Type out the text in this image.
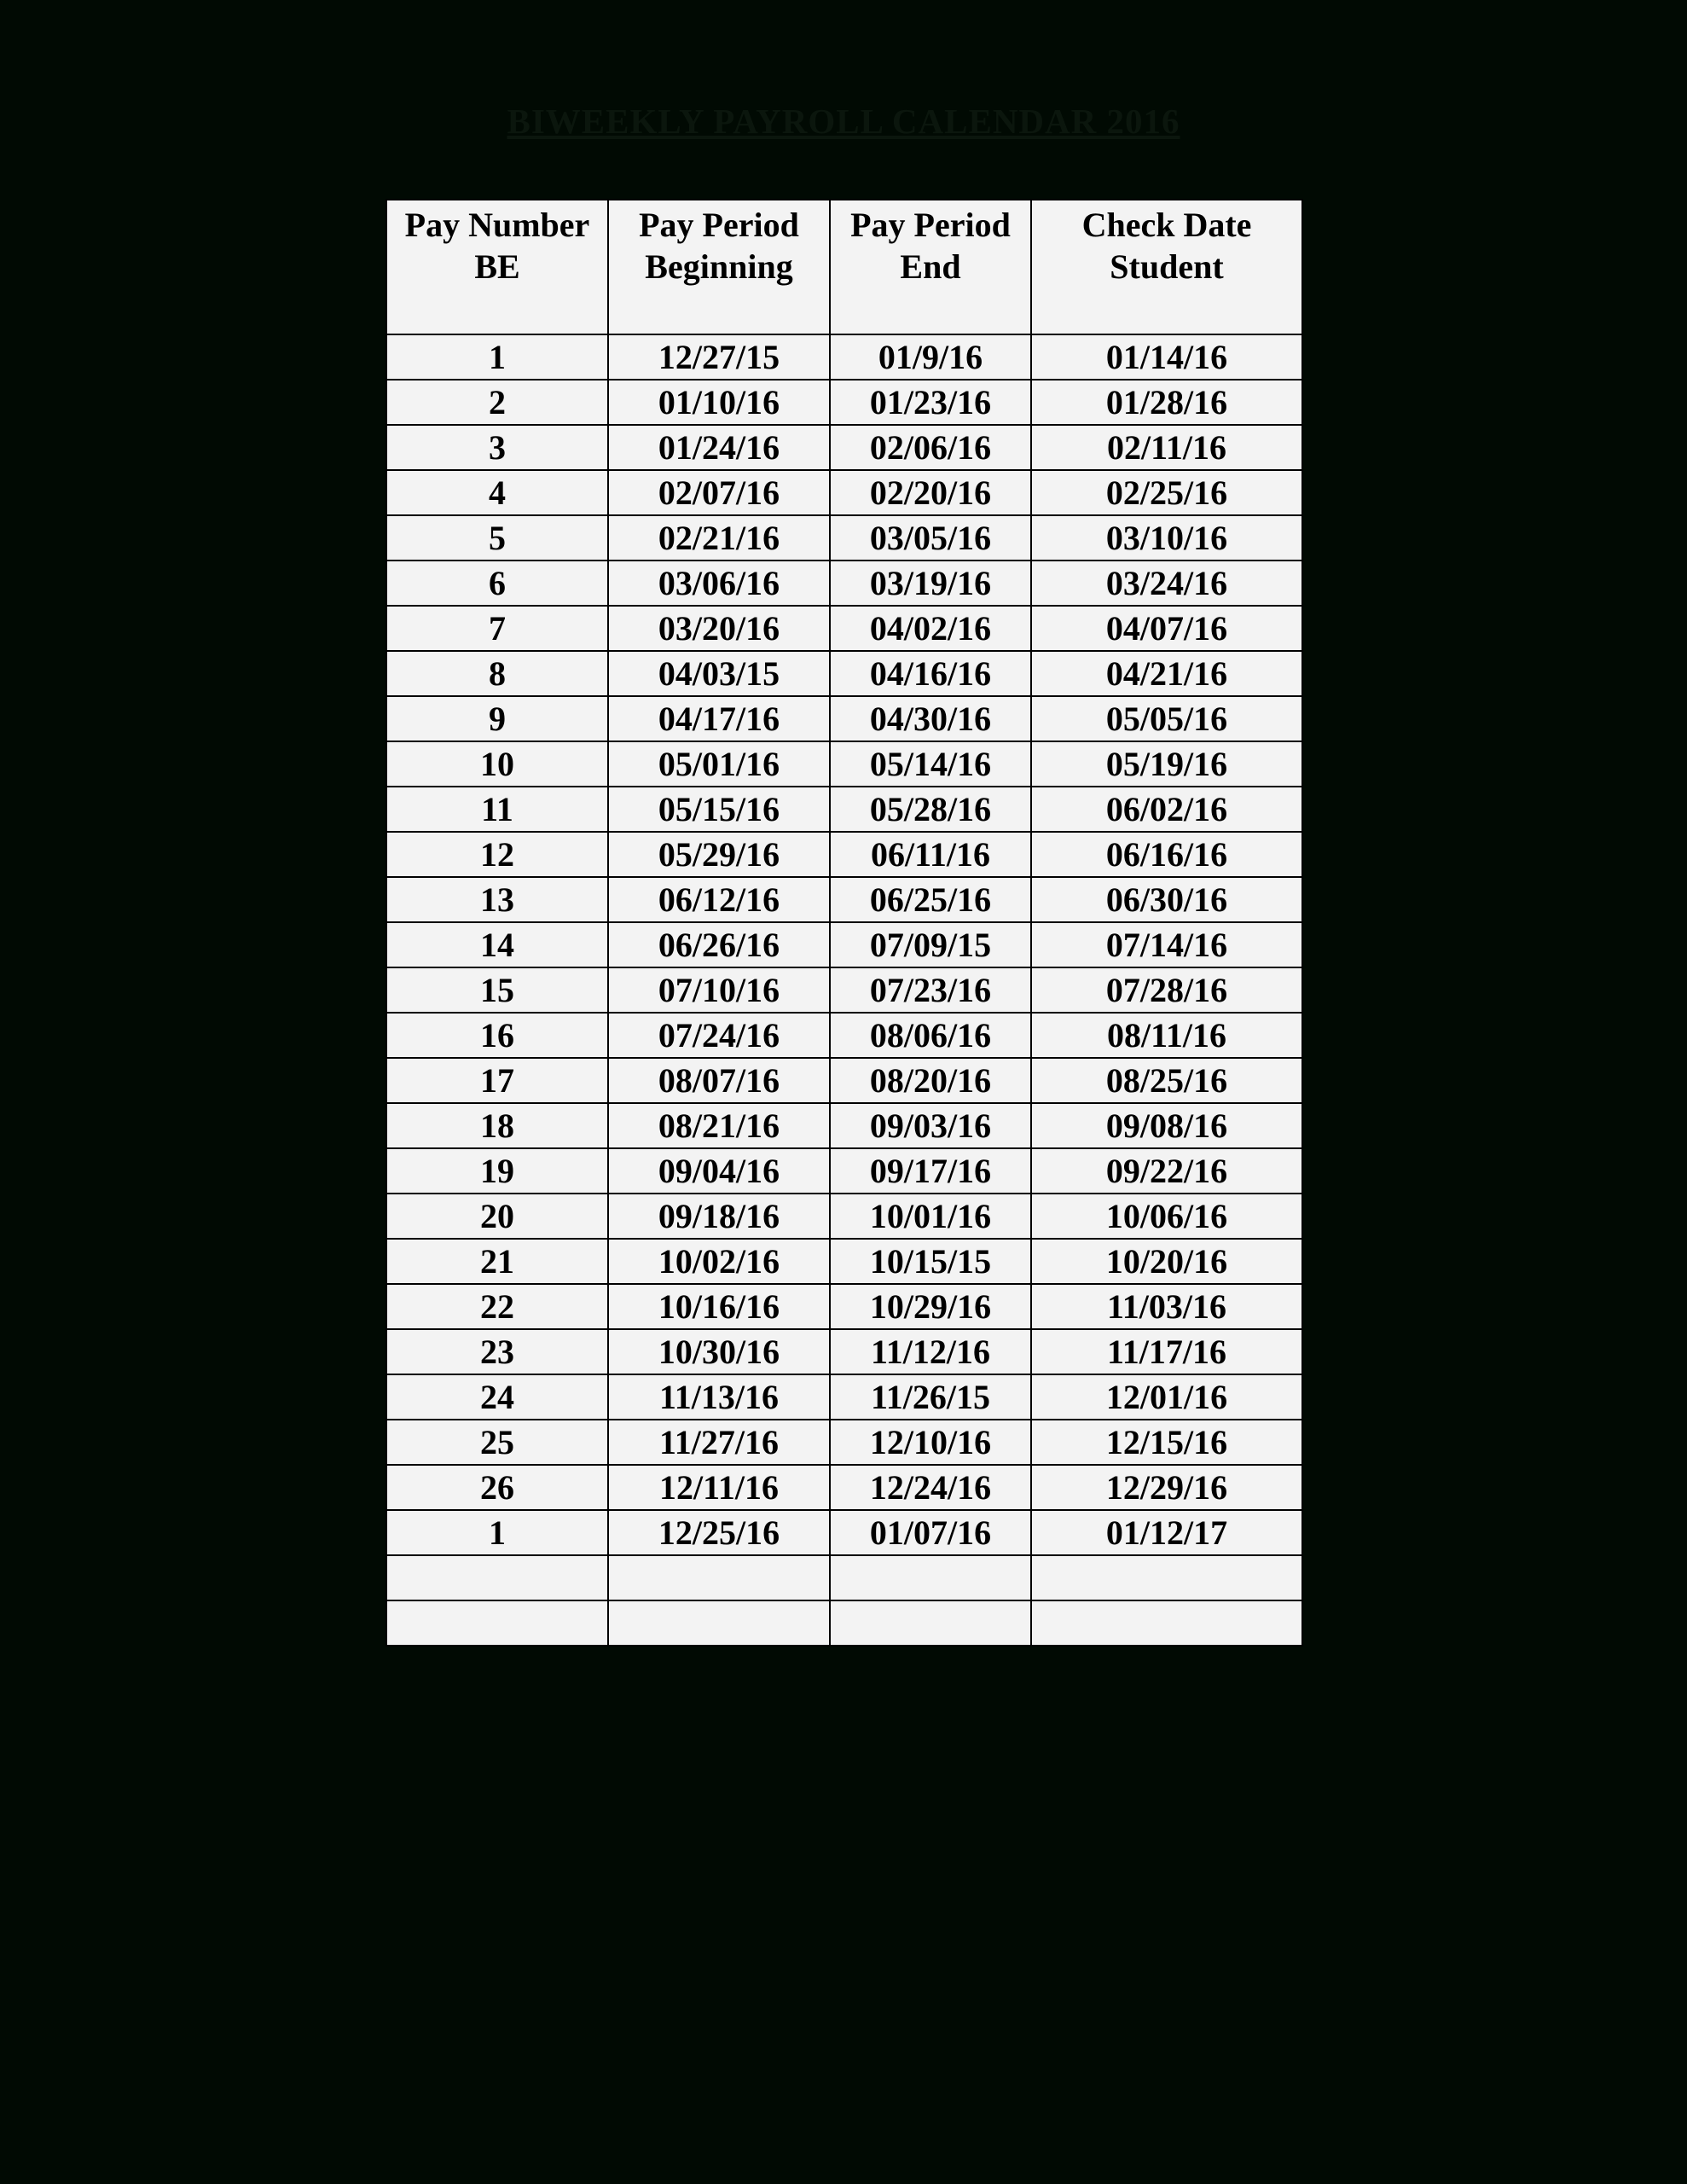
BIWEEKLY PAYROLL CALENDAR 2016
Pay Number BE	Pay Period Beginning	Pay Period End	Check Date Student
1	12/27/15	01/9/16	01/14/16
2	01/10/16	01/23/16	01/28/16
3	01/24/16	02/06/16	02/11/16
4	02/07/16	02/20/16	02/25/16
5	02/21/16	03/05/16	03/10/16
6	03/06/16	03/19/16	03/24/16
7	03/20/16	04/02/16	04/07/16
8	04/03/15	04/16/16	04/21/16
9	04/17/16	04/30/16	05/05/16
10	05/01/16	05/14/16	05/19/16
11	05/15/16	05/28/16	06/02/16
12	05/29/16	06/11/16	06/16/16
13	06/12/16	06/25/16	06/30/16
14	06/26/16	07/09/15	07/14/16
15	07/10/16	07/23/16	07/28/16
16	07/24/16	08/06/16	08/11/16
17	08/07/16	08/20/16	08/25/16
18	08/21/16	09/03/16	09/08/16
19	09/04/16	09/17/16	09/22/16
20	09/18/16	10/01/16	10/06/16
21	10/02/16	10/15/15	10/20/16
22	10/16/16	10/29/16	11/03/16
23	10/30/16	11/12/16	11/17/16
24	11/13/16	11/26/15	12/01/16
25	11/27/16	12/10/16	12/15/16
26	12/11/16	12/24/16	12/29/16
1	12/25/16	01/07/16	01/12/17
